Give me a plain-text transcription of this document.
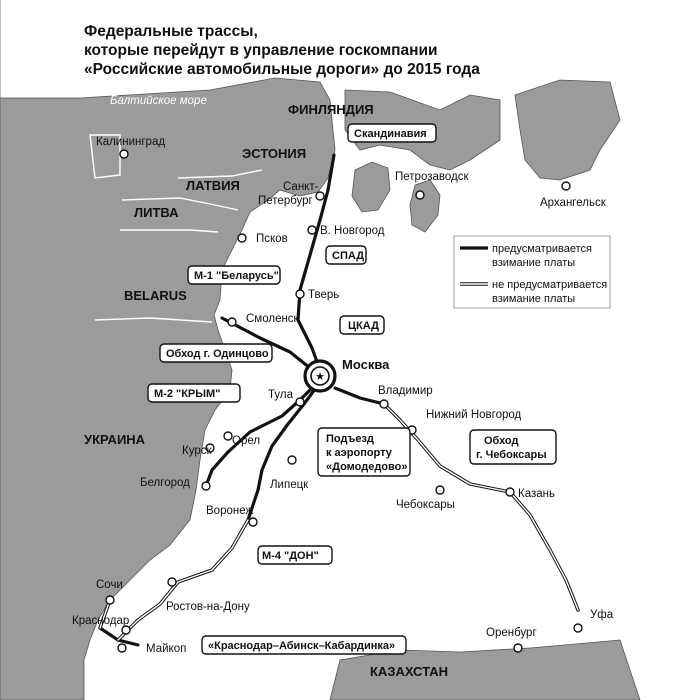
★
Балтийское море
ФИНЛЯНДИЯ
ЭСТОНИЯ
ЛАТВИЯ
ЛИТВА
BELARUS
УКРАИНА
КАЗАХСТАН
Калининград
Санкт-
Петербург
Петрозаводск
Архангельск
В. Новгород
Псков
Тверь
Смоленск
Москва
Владимир
Тула
Нижний Новгород
Курск
Орел
Белгород	Липецк
Воронеж	Чебоксары
Казань
Уфа
Сочи
Краснодар
Ростов-на-Дону
Майкоп
Оренбург
Скандинавия
СПАД
М-1 "Беларусь"
ЦКАД
Обход г. Одинцово
М-2 "КРЫМ"
Подъезд
к аэропорту
«Домодедово»
Обход
г. Чебоксары
М-4 "ДОН"
«Краснодар–Абинск–Кабардинка»
предусматривается
взимание платы
не предусматривается
взимание платы
Федеральные трассы,
которые перейдут в управление госкомпании
«Российские автомобильные дороги» до 2015 года
